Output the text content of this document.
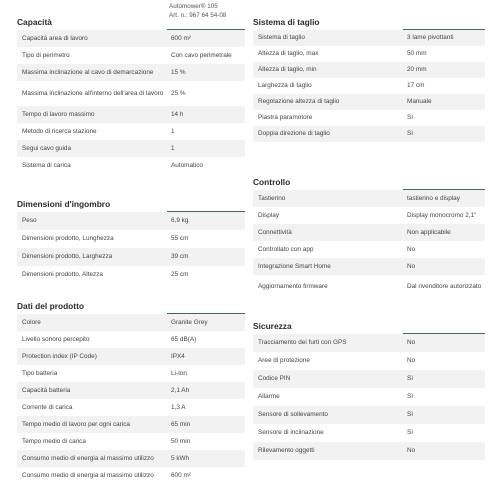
Capacità
Automower® 105
Art. n.: 967 64 54-08
Capacità area di lavoro	600 m²
Tipo di perimetro	Con cavo perimetrale
Massima inclinazione al cavo di demarcazione	15 %
Massima inclinazione all'interno dell'area di lavoro	25 %
Tempo di lavoro massimo	14 h
Metodo di ricerca stazione	1
Segui cavo guida	1
Sistema di carica	Automatico
Dimensioni d'ingombro
Peso	6,9 kg
Dimensioni prodotto, Lunghezza	55 cm
Dimensioni prodotto, Larghezza	39 cm
Dimensioni prodotto, Altezza	25 cm
Dati del prodotto
Colore	Granite Grey
Livello sonoro percepito	65 dB(A)
Protection index (IP Code)	IPX4
Tipo batteria	Li-Ion
Capacità batteria	2,1 Ah
Corrente di carica	1,3 A
Tempo medio di lavoro per ogni carica	65 min
Tempo medio di carica	50 min
Consumo medio di energia al massimo utilizzo	5 kWh
Consumo medio di energia al massimo utilizzo	600 m²
Sistema di taglio
Sistema di taglio	3 lame pivottanti
Altezza di taglio, max	50 mm
Altezza di taglio, min	20 mm
Larghezza di taglio	17 cm
Regolazione altezza di taglio	Manuale
Piastra paramotore	Sì
Doppia direzione di taglio	Sì
Controllo
Tastierino	tastierino e display
Display	Display monocromo 2,1"
Connettività	Non applicabile
Controllato con app	No
Integrazione Smart Home	No
Aggiornamento firmware	Dal rivenditore autorizzato
Sicurezza
Tracciamento dei furti con GPS	No
Aree di protezione	No
Codice PIN	Sì
Allarme	Sì
Sensore di sollevamento	Sì
Sensore di inclinazione	Sì
Rilevamento oggetti	No
